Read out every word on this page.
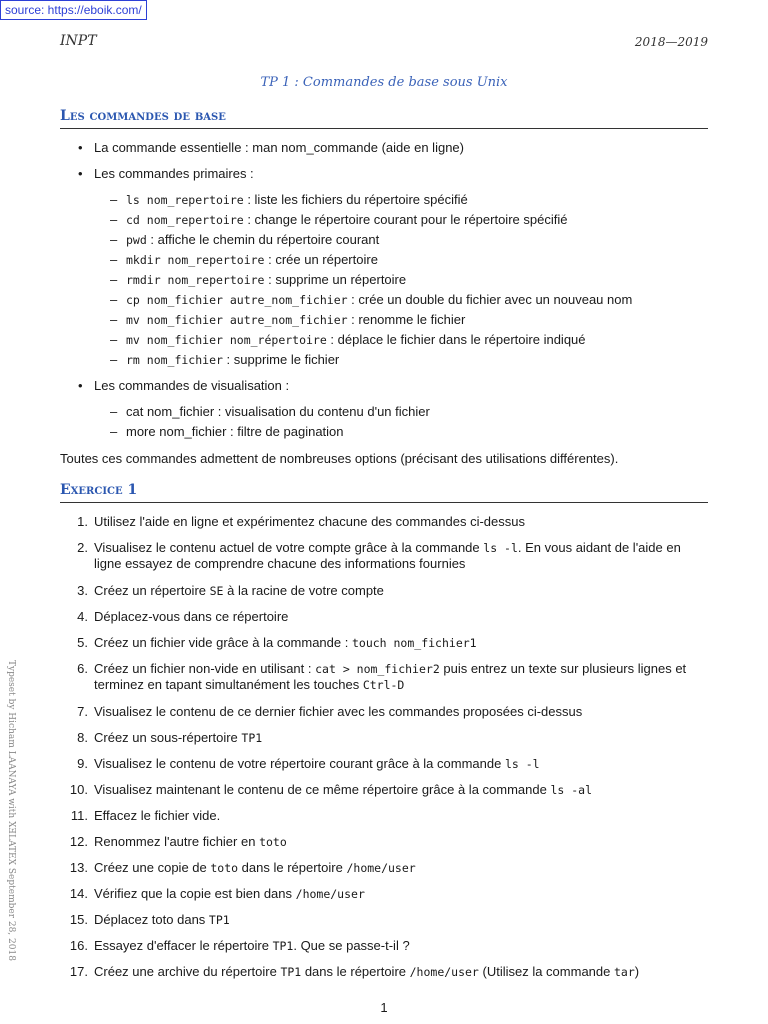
source: https://eboik.com/
INPT	2018—2019
TP 1 : Commandes de base sous Unix
Les commandes de base
• La commande essentielle : man nom_commande (aide en ligne)
• Les commandes primaires :
– ls nom_repertoire : liste les fichiers du répertoire spécifié
– cd nom_repertoire : change le répertoire courant pour le répertoire spécifié
– pwd : affiche le chemin du répertoire courant
– mkdir nom_repertoire : crée un répertoire
– rmdir nom_repertoire : supprime un répertoire
– cp nom_fichier autre_nom_fichier : crée un double du fichier avec un nouveau nom
– mv nom_fichier autre_nom_fichier : renomme le fichier
– mv nom_fichier nom_répertoire : déplace le fichier dans le répertoire indiqué
– rm nom_fichier : supprime le fichier
• Les commandes de visualisation :
– cat nom_fichier : visualisation du contenu d'un fichier
– more nom_fichier : filtre de pagination
Toutes ces commandes admettent de nombreuses options (précisant des utilisations différentes).
Exercice 1
1. Utilisez l'aide en ligne et expérimentez chacune des commandes ci-dessus
2. Visualisez le contenu actuel de votre compte grâce à la commande ls -l. En vous aidant de l'aide en ligne essayez de comprendre chacune des informations fournies
3. Créez un répertoire SE à la racine de votre compte
4. Déplacez-vous dans ce répertoire
5. Créez un fichier vide grâce à la commande : touch nom_fichier1
6. Créez un fichier non-vide en utilisant : cat > nom_fichier2 puis entrez un texte sur plusieurs lignes et terminez en tapant simultanément les touches Ctrl-D
7. Visualisez le contenu de ce dernier fichier avec les commandes proposées ci-dessus
8. Créez un sous-répertoire TP1
9. Visualisez le contenu de votre répertoire courant grâce à la commande ls -l
10. Visualisez maintenant le contenu de ce même répertoire grâce à la commande ls -al
11. Effacez le fichier vide.
12. Renommez l'autre fichier en toto
13. Créez une copie de toto dans le répertoire /home/user
14. Vérifiez que la copie est bien dans /home/user
15. Déplacez toto dans TP1
16. Essayez d'effacer le répertoire TP1. Que se passe-t-il ?
17. Créez une archive du répertoire TP1 dans le répertoire /home/user (Utilisez la commande tar)
Typeset by Hicham LAANAYA with XƎLATEX September 28, 2018
1
